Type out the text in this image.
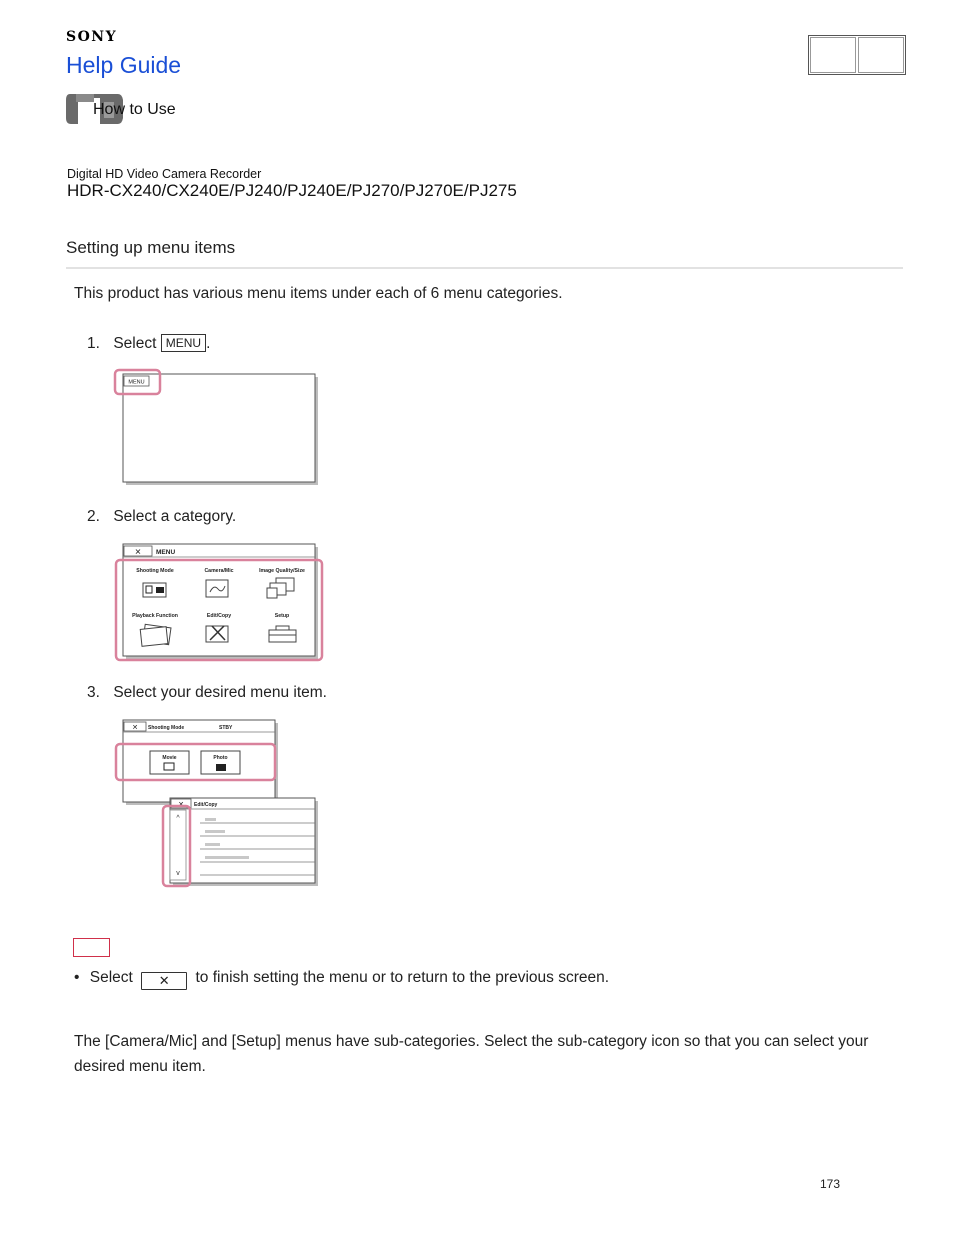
SONY
Help Guide
How to Use
Digital HD Video Camera Recorder
HDR-CX240/CX240E/PJ240/PJ240E/PJ270/PJ270E/PJ275
Setting up menu items
This product has various menu items under each of 6 menu categories.
1. Select MENU .
MENU
2. Select a category.
✕ MENU
Shooting Mode	Camera/Mic	Image Quality/Size
Playback Function	Edit/Copy	Setup
3. Select your desired menu item.
✕ Shooting Mode	STBY
Movie	Photo
✕ Edit/Copy
^
v
• Select ✕ to finish setting the menu or to return to the previous screen.
The [Camera/Mic] and [Setup] menus have sub-categories. Select the sub-category icon so that you can select your desired menu item.
173
